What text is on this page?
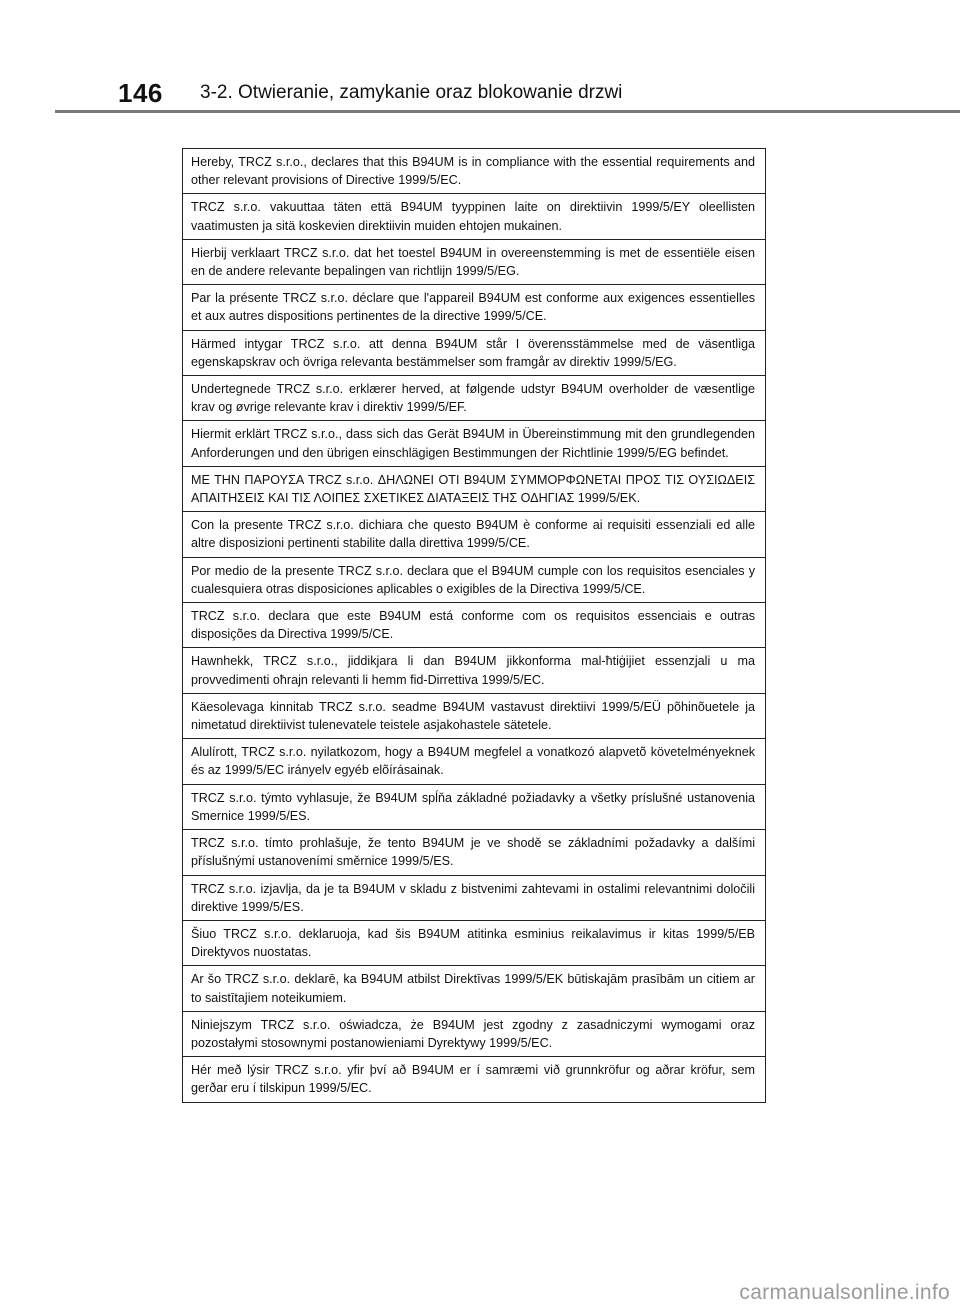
146 3-2. Otwieranie, zamykanie oraz blokowanie drzwi
Hereby, TRCZ s.r.o., declares that this B94UM is in compliance with the essential requirements and other relevant provisions of Directive 1999/5/EC.
TRCZ s.r.o. vakuuttaa täten että B94UM tyyppinen laite on direktiivin 1999/5/EY oleellisten vaatimusten ja sitä koskevien direktiivin muiden ehtojen mukainen.
Hierbij verklaart TRCZ s.r.o. dat het toestel B94UM in overeenstemming is met de essentiële eisen en de andere relevante bepalingen van richtlijn 1999/5/EG.
Par la présente TRCZ s.r.o. déclare que l'appareil B94UM est conforme aux exigences essentielles et aux autres dispositions pertinentes de la directive 1999/5/CE.
Härmed intygar TRCZ s.r.o. att denna B94UM står I överensstämmelse med de väsentliga egenskapskrav och övriga relevanta bestämmelser som framgår av direktiv 1999/5/EG.
Undertegnede TRCZ s.r.o. erklærer herved, at følgende udstyr B94UM overholder de væsentlige krav og øvrige relevante krav i direktiv 1999/5/EF.
Hiermit erklärt TRCZ s.r.o., dass sich das Gerät B94UM in Übereinstimmung mit den grundlegenden Anforderungen und den übrigen einschlägigen Bestimmungen der Richtlinie 1999/5/EG befindet.
ΜΕ ΤΗΝ ΠΑΡΟΥΣΑ TRCZ s.r.o. ΔΗΛΩΝΕΙ ΟΤΙ B94UM ΣΥΜΜΟΡΦΩΝΕΤΑΙ ΠΡΟΣ ΤΙΣ ΟΥΣΙΩΔΕΙΣ ΑΠΑΙΤΗΣΕΙΣ ΚΑΙ ΤΙΣ ΛΟΙΠΕΣ ΣΧΕΤΙΚΕΣ ΔΙΑΤΑΞΕΙΣ ΤΗΣ ΟΔΗΓΙΑΣ 1999/5/ΕΚ.
Con la presente TRCZ s.r.o. dichiara che questo B94UM è conforme ai requisiti essenziali ed alle altre disposizioni pertinenti stabilite dalla direttiva 1999/5/CE.
Por medio de la presente TRCZ s.r.o. declara que el B94UM cumple con los requisitos esenciales y cualesquiera otras disposiciones aplicables o exigibles de la Directiva 1999/5/CE.
TRCZ s.r.o. declara que este B94UM está conforme com os requisitos essenciais e outras disposições da Directiva 1999/5/CE.
Hawnhekk, TRCZ s.r.o., jiddikjara li dan B94UM jikkonforma mal-ħtiġijiet essenzjali u ma provvedimenti oħrajn relevanti li hemm fid-Dirrettiva 1999/5/EC.
Käesolevaga kinnitab TRCZ s.r.o. seadme B94UM vastavust direktiivi 1999/5/EÜ põhinõuetele ja nimetatud direktiivist tulenevatele teistele asjakohastele sätetele.
Alulírott, TRCZ s.r.o. nyilatkozom, hogy a B94UM megfelel a vonatkozó alapvetõ követelményeknek és az 1999/5/EC irányelv egyéb elõírásainak.
TRCZ s.r.o. týmto vyhlasuje, že B94UM spĺňa základné požiadavky a všetky príslušné ustanovenia Smernice 1999/5/ES.
TRCZ s.r.o. tímto prohlašuje, že tento B94UM je ve shodě se základními požadavky a dalšími příslušnými ustanoveními směrnice 1999/5/ES.
TRCZ s.r.o. izjavlja, da je ta B94UM v skladu z bistvenimi zahtevami in ostalimi relevantnimi določili direktive 1999/5/ES.
Šiuo TRCZ s.r.o. deklaruoja, kad šis B94UM atitinka esminius reikalavimus ir kitas 1999/5/EB Direktyvos nuostatas.
Ar šo TRCZ s.r.o. deklarē, ka B94UM atbilst Direktīvas 1999/5/EK būtiskajām prasībām un citiem ar to saistītajiem noteikumiem.
Niniejszym TRCZ s.r.o. oświadcza, że B94UM jest zgodny z zasadniczymi wymogami oraz pozostałymi stosownymi postanowieniami Dyrektywy 1999/5/EC.
Hér með lýsir TRCZ s.r.o. yfir því að B94UM er í samræmi við grunnkröfur og aðrar kröfur, sem gerðar eru í tilskipun 1999/5/EC.
carmanualsonline.info
